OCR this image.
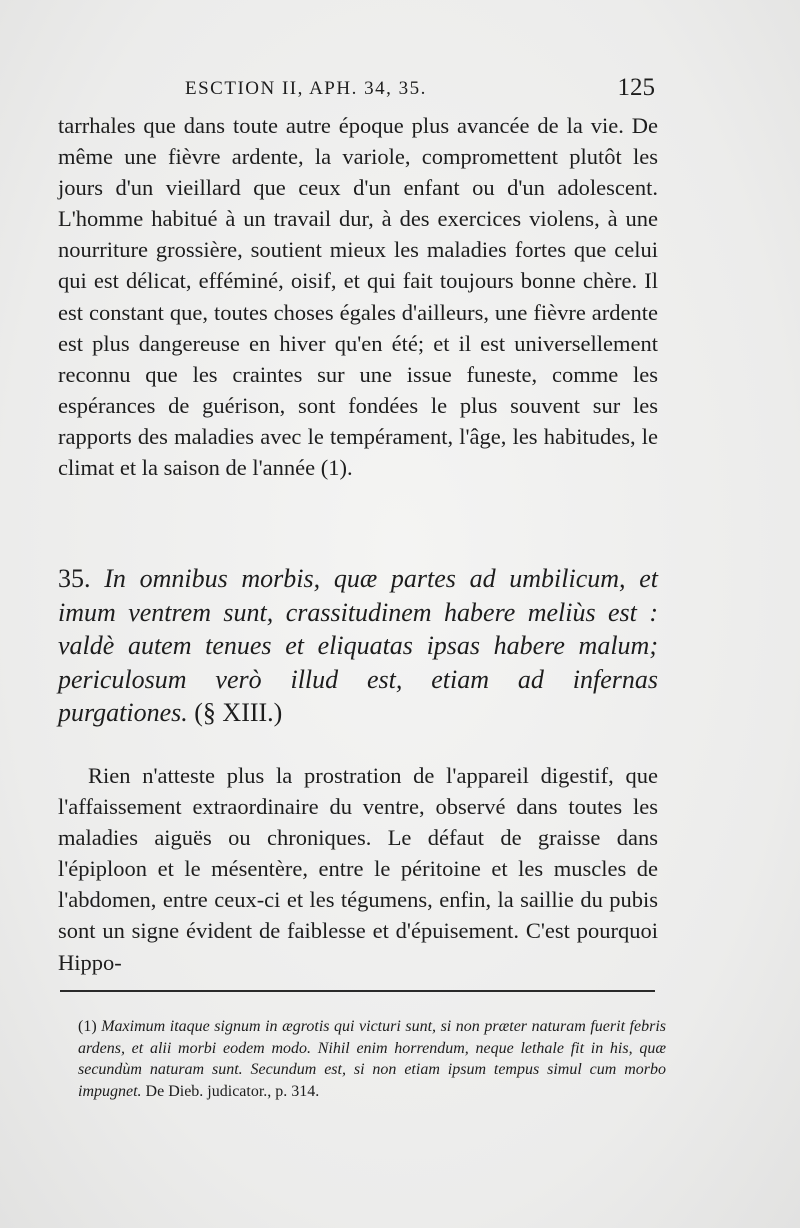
ESCTION II, APH. 34, 35.	125
tarrhales que dans toute autre époque plus avancée de la vie. De même une fièvre ardente, la variole, compromettent plutôt les jours d'un vieillard que ceux d'un enfant ou d'un adolescent. L'homme habitué à un travail dur, à des exercices violens, à une nourriture grossière, soutient mieux les maladies fortes que celui qui est délicat, efféminé, oisif, et qui fait toujours bonne chère. Il est constant que, toutes choses égales d'ailleurs, une fièvre ardente est plus dangereuse en hiver qu'en été; et il est universellement reconnu que les craintes sur une issue funeste, comme les espérances de guérison, sont fondées le plus souvent sur les rapports des maladies avec le tempérament, l'âge, les habitudes, le climat et la saison de l'année (1).
35. In omnibus morbis, quæ partes ad umbilicum, et imum ventrem sunt, crassitudinem habere meliùs est : valdè autem tenues et eliquatas ipsas habere malum; periculosum verò illud est, etiam ad infernas purgationes. (§ XIII.)
Rien n'atteste plus la prostration de l'appareil digestif, que l'affaissement extraordinaire du ventre, observé dans toutes les maladies aiguës ou chroniques. Le défaut de graisse dans l'épiploon et le mésentère, entre le péritoine et les muscles de l'abdomen, entre ceux-ci et les tégumens, enfin, la saillie du pubis sont un signe évident de faiblesse et d'épuisement. C'est pourquoi Hippo-
(1) Maximum itaque signum in ægrotis qui victuri sunt, si non præter naturam fuerit febris ardens, et alii morbi eodem modo. Nihil enim horrendum, neque lethale fit in his, quæ secundùm naturam sunt. Secundum est, si non etiam ipsum tempus simul cum morbo impugnet. De Dieb. judicator., p. 314.
